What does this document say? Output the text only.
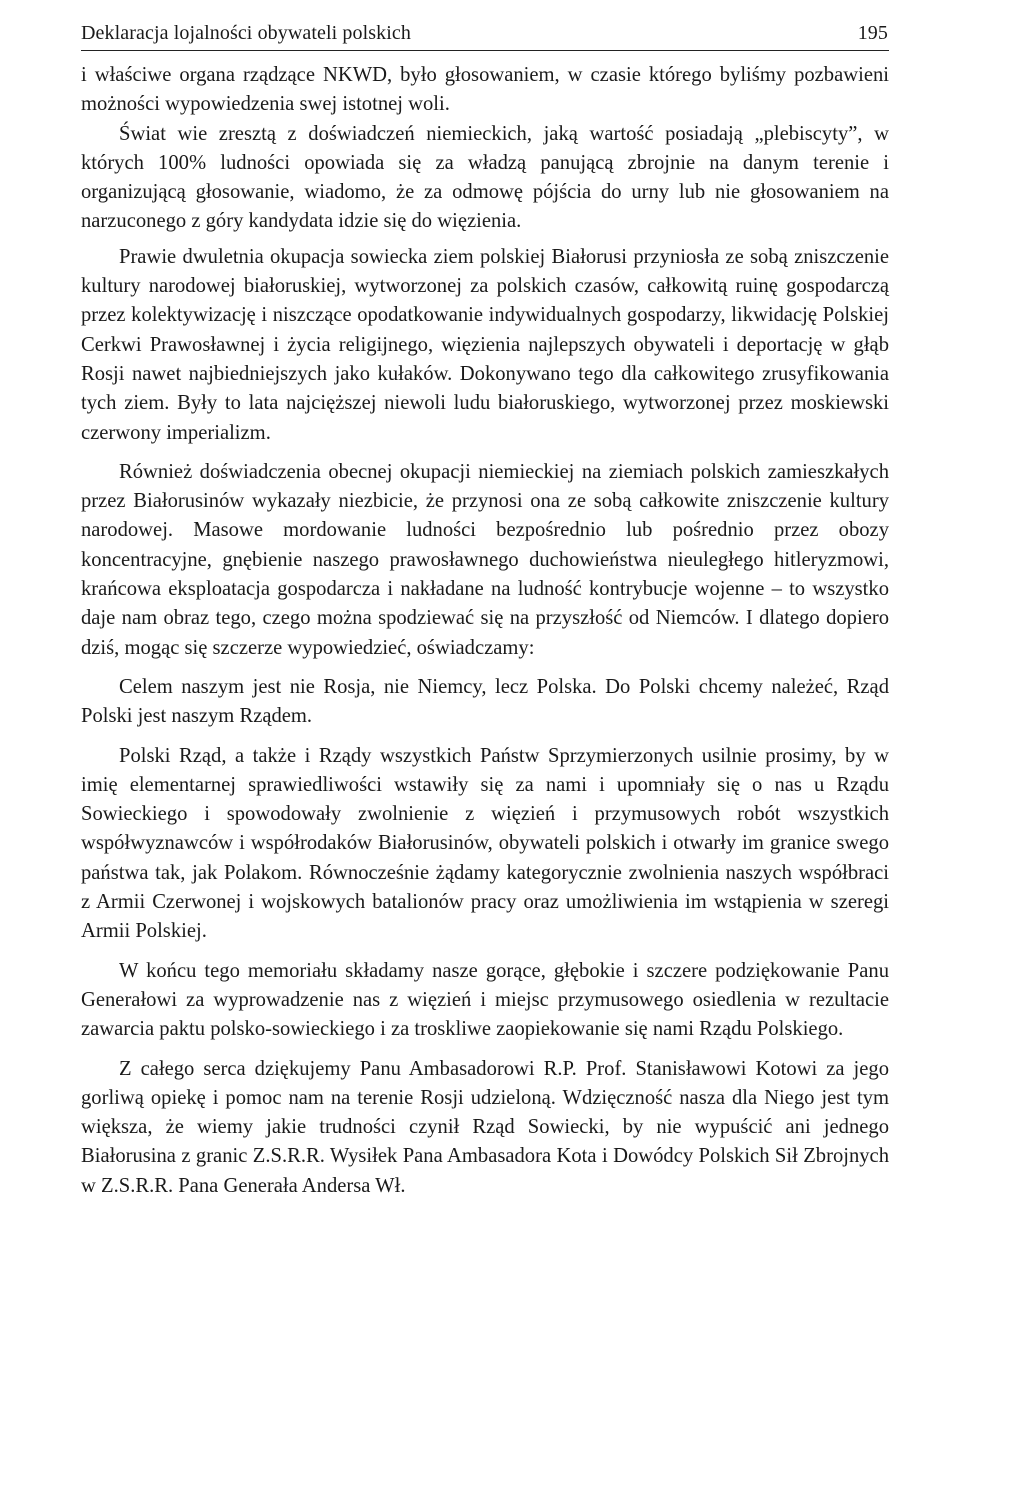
Deklaracja lojalności obywateli polskich	195

i właściwe organa rządzące NKWD, było głosowaniem, w czasie którego byliśmy pozbawieni możności wypowiedzenia swej istotnej woli.

Świat wie zresztą z doświadczeń niemieckich, jaką wartość posiadają „plebiscyty”, w których 100% ludności opowiada się za władzą panującą zbrojnie na danym terenie i organizującą głosowanie, wiadomo, że za odmowę pójścia do urny lub nie głosowaniem na narzuconego z góry kandydata idzie się do więzienia.

Prawie dwuletnia okupacja sowiecka ziem polskiej Białorusi przyniosła ze sobą zniszczenie kultury narodowej białoruskiej, wytworzonej za polskich czasów, całkowitą ruinę gospodarczą przez kolektywizację i niszczące opodatkowanie indywidualnych gospodarzy, likwidację Polskiej Cerkwi Prawosławnej i życia religijnego, więzienia najlepszych obywateli i deportację w głąb Rosji nawet najbiedniejszych jako kułaków. Dokonywano tego dla całkowitego zrusyfikowania tych ziem. Były to lata najcięższej niewoli ludu białoruskiego, wytworzonej przez moskiewski czerwony imperializm.

Również doświadczenia obecnej okupacji niemieckiej na ziemiach polskich zamieszkałych przez Białorusinów wykazały niezbicie, że przynosi ona ze sobą całkowite zniszczenie kultury narodowej. Masowe mordowanie ludności bezpośrednio lub pośrednio przez obozy koncentracyjne, gnębienie naszego prawosławnego duchowieństwa nieuległego hitleryzmowi, krańcowa eksploatacja gospodarcza i nakładane na ludność kontrybucje wojenne – to wszystko daje nam obraz tego, czego można spodziewać się na przyszłość od Niemców. I dlatego dopiero dziś, mogąc się szczerze wypowiedzieć, oświadczamy:

Celem naszym jest nie Rosja, nie Niemcy, lecz Polska. Do Polski chcemy należeć, Rząd Polski jest naszym Rządem.

Polski Rząd, a także i Rządy wszystkich Państw Sprzymierzonych usilnie prosimy, by w imię elementarnej sprawiedliwości wstawiły się za nami i upomniały się o nas u Rządu Sowieckiego i spowodowały zwolnienie z więzień i przymusowych robót wszystkich współwyznawców i współrodaków Białorusinów, obywateli polskich i otwarły im granice swego państwa tak, jak Polakom. Równocześnie żądamy kategorycznie zwolnienia naszych współbraci z Armii Czerwonej i wojskowych batalionów pracy oraz umożliwienia im wstąpienia w szeregi Armii Polskiej.

W końcu tego memoriału składamy nasze gorące, głębokie i szczere podziękowanie Panu Generałowi za wyprowadzenie nas z więzień i miejsc przymusowego osiedlenia w rezultacie zawarcia paktu polsko-sowieckiego i za troskliwe zaopiekowanie się nami Rządu Polskiego.

Z całego serca dziękujemy Panu Ambasadorowi R.P. Prof. Stanisławowi Kotowi za jego gorliwą opiekę i pomoc nam na terenie Rosji udzieloną. Wdzięczność nasza dla Niego jest tym większa, że wiemy jakie trudności czynił Rząd Sowiecki, by nie wypuścić ani jednego Białorusina z granic Z.S.R.R. Wysiłek Pana Ambasadora Kota i Dowódcy Polskich Sił Zbrojnych w Z.S.R.R. Pana Generała Andersa Wł.
